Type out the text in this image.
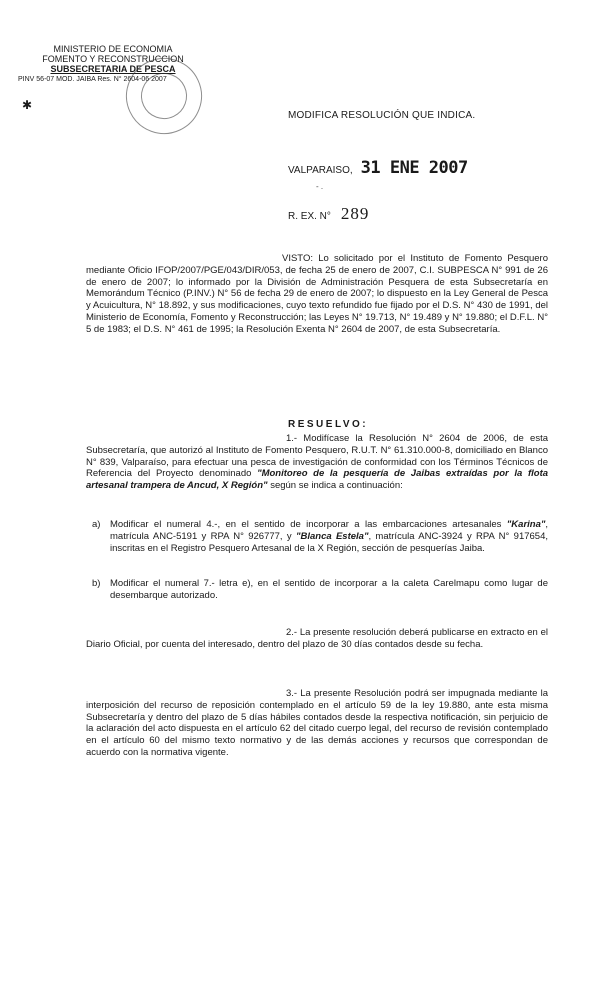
MINISTERIO DE ECONOMIA
FOMENTO Y RECONSTRUCCION
SUBSECRETARIA DE PESCA
PINV 56-07 MOD. JAIBA Res. N° 2604-06 2007
✱
MODIFICA RESOLUCIÓN QUE INDICA.
VALPARAISO, 31 ENE 2007
- .
R. EX. N° 289

VISTO: Lo solicitado por el Instituto de Fomento Pesquero mediante Oficio IFOP/2007/PGE/043/DIR/053, de fecha 25 de enero de 2007, C.I. SUBPESCA N° 991 de 26 de enero de 2007; lo informado por la División de Administración Pesquera de esta Subsecretaría en Memorándum Técnico (P.INV.) N° 56 de fecha 29 de enero de 2007; lo dispuesto en la Ley General de Pesca y Acuicultura, N° 18.892, y sus modificaciones, cuyo texto refundido fue fijado por el D.S. N° 430 de 1991, del Ministerio de Economía, Fomento y Reconstrucción; las Leyes N° 19.713, N° 19.489 y N° 19.880; el D.F.L. N° 5 de 1983; el D.S. N° 461 de 1995; la Resolución Exenta N° 2604 de 2007, de esta Subsecretaría.

RESUELVO:

1.- Modifícase la Resolución N° 2604 de 2006, de esta Subsecretaría, que autorizó al Instituto de Fomento Pesquero, R.U.T. N° 61.310.000-8, domiciliado en Blanco N° 839, Valparaíso, para efectuar una pesca de investigación de conformidad con los Términos Técnicos de Referencia del Proyecto denominado "Monitoreo de la pesquería de Jaibas extraídas por la flota artesanal trampera de Ancud, X Región" según se indica a continuación:

a) Modificar el numeral 4.-, en el sentido de incorporar a las embarcaciones artesanales "Karina", matrícula ANC-5191 y RPA N° 926777, y "Blanca Estela", matrícula ANC-3924 y RPA N° 917654, inscritas en el Registro Pesquero Artesanal de la X Región, sección de pesquerías Jaiba.

b) Modificar el numeral 7.- letra e), en el sentido de incorporar a la caleta Carelmapu como lugar de desembarque autorizado.

2.- La presente resolución deberá publicarse en extracto en el Diario Oficial, por cuenta del interesado, dentro del plazo de 30 días contados desde su fecha.

3.- La presente Resolución podrá ser impugnada mediante la interposición del recurso de reposición contemplado en el artículo 59 de la ley 19.880, ante esta misma Subsecretaría y dentro del plazo de 5 días hábiles contados desde la respectiva notificación, sin perjuicio de la aclaración del acto dispuesta en el artículo 62 del citado cuerpo legal, del recurso de revisión contemplado en el artículo 60 del mismo texto normativo y de las demás acciones y recursos que correspondan de acuerdo con la normativa vigente.
